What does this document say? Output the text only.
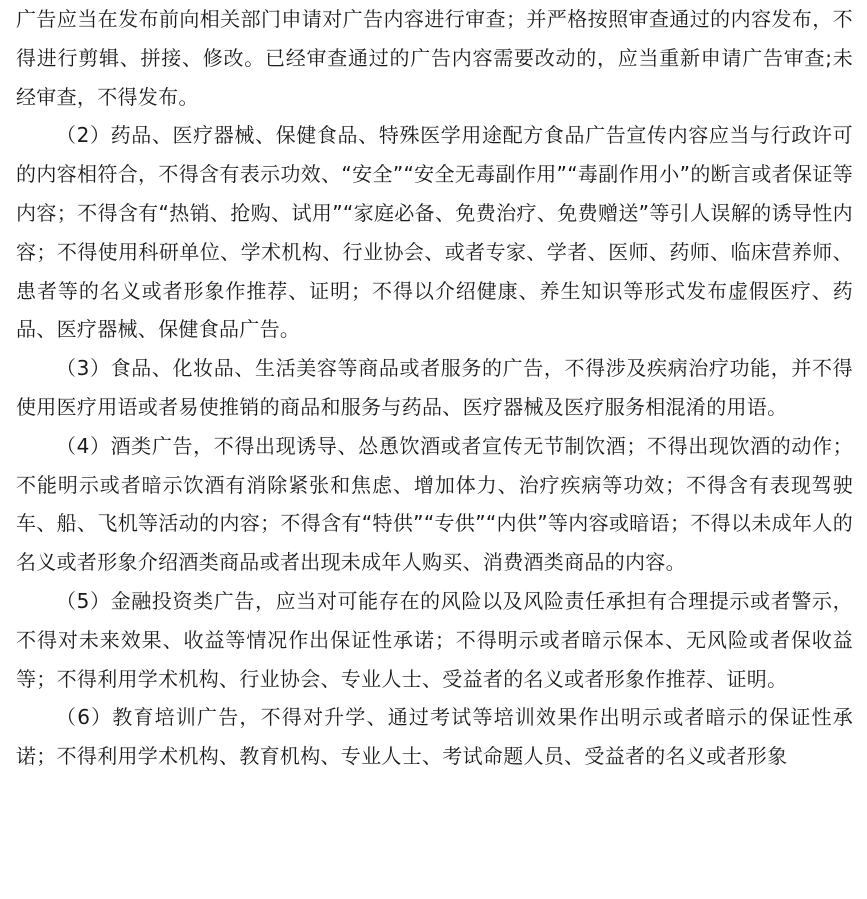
广告应当在发布前向相关部门申请对广告内容进行审查；并严格按照审查通过的内容发布，不得进行剪辑、拼接、修改。已经审查通过的广告内容需要改动的，应当重新申请广告审查;未经审查，不得发布。

（2）药品、医疗器械、保健食品、特殊医学用途配方食品广告宣传内容应当与行政许可的内容相符合，不得含有表示功效、“安全”“安全无毒副作用”“毒副作用小”的断言或者保证等内容；不得含有“热销、抢购、试用”“家庭必备、免费治疗、免费赠送”等引人误解的诱导性内容；不得使用科研单位、学术机构、行业协会、或者专家、学者、医师、药师、临床营养师、患者等的名义或者形象作推荐、证明；不得以介绍健康、养生知识等形式发布虚假医疗、药品、医疗器械、保健食品广告。

（3）食品、化妆品、生活美容等商品或者服务的广告，不得涉及疾病治疗功能，并不得使用医疗用语或者易使推销的商品和服务与药品、医疗器械及医疗服务相混淆的用语。

（4）酒类广告，不得出现诱导、怂恿饮酒或者宣传无节制饮酒；不得出现饮酒的动作；不能明示或者暗示饮酒有消除紧张和焦虑、增加体力、治疗疾病等功效；不得含有表现驾驶车、船、飞机等活动的内容；不得含有“特供”“专供”“内供”等内容或暗语；不得以未成年人的名义或者形象介绍酒类商品或者出现未成年人购买、消费酒类商品的内容。

（5）金融投资类广告，应当对可能存在的风险以及风险责任承担有合理提示或者警示，不得对未来效果、收益等情况作出保证性承诺；不得明示或者暗示保本、无风险或者保收益等；不得利用学术机构、行业协会、专业人士、受益者的名义或者形象作推荐、证明。

（6）教育培训广告，不得对升学、通过考试等培训效果作出明示或者暗示的保证性承诺；不得利用学术机构、教育机构、专业人士、考试命题人员、受益者的名义或者形象
